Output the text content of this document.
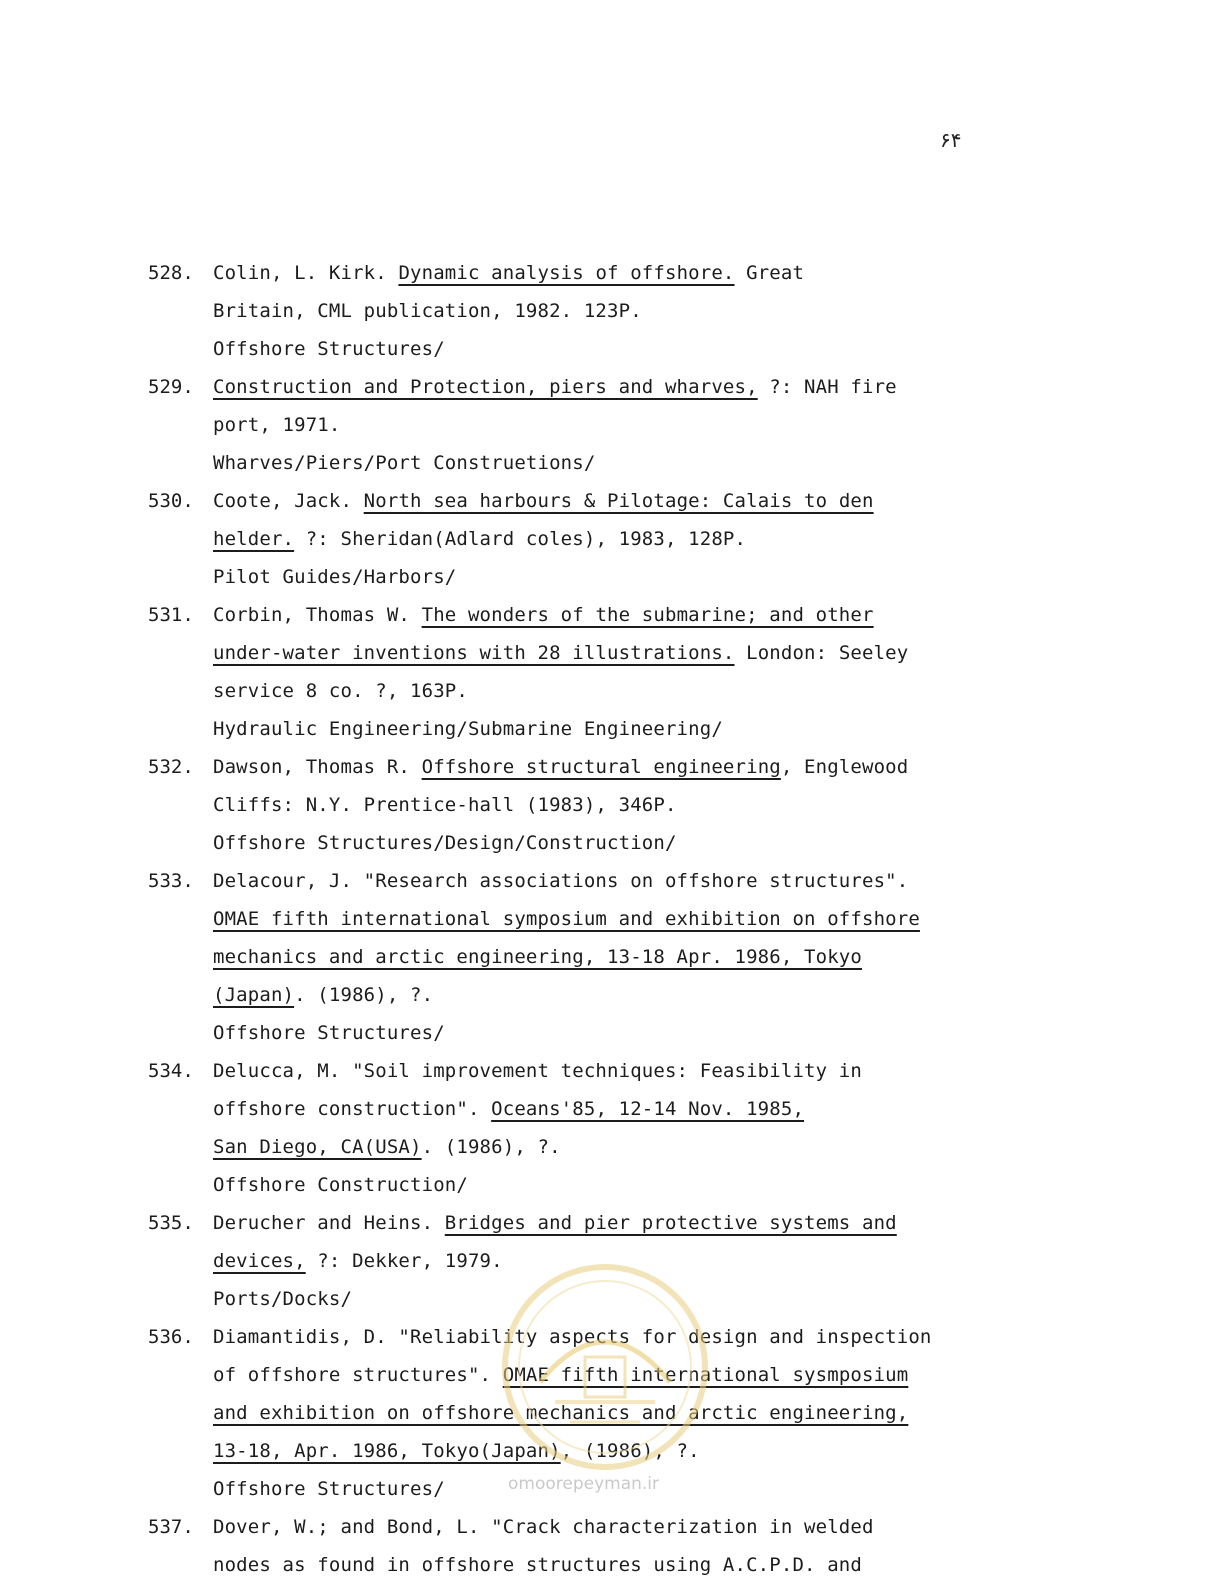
۶۴
528. Colin, L. Kirk. Dynamic analysis of offshore. Great
Britain, CML publication, 1982. 123P.
Offshore Structures/
529. Construction and Protection, piers and wharves, ?: NAH fire
port, 1971.
Wharves/Piers/Port Construetions/
530. Coote, Jack. North sea harbours & Pilotage: Calais to den
helder. ?: Sheridan(Adlard coles), 1983, 128P.
Pilot Guides/Harbors/
531. Corbin, Thomas W. The wonders of the submarine; and other
under-water inventions with 28 illustrations. London: Seeley
service 8 co. ?, 163P.
Hydraulic Engineering/Submarine Engineering/
532. Dawson, Thomas R. Offshore structural engineering, Englewood
Cliffs: N.Y. Prentice-hall (1983), 346P.
Offshore Structures/Design/Construction/
533. Delacour, J. "Research associations on offshore structures".
OMAE fifth international symposium and exhibition on offshore
mechanics and arctic engineering, 13-18 Apr. 1986, Tokyo
(Japan). (1986), ?.
Offshore Structures/
534. Delucca, M. "Soil improvement techniques: Feasibility in
offshore construction". Oceans'85, 12-14 Nov. 1985,
San Diego, CA(USA). (1986), ?.
Offshore Construction/
535. Derucher and Heins. Bridges and pier protective systems and
devices, ?: Dekker, 1979.
Ports/Docks/
536. Diamantidis, D. "Reliability aspects for design and inspection
of offshore structures". OMAE fifth international sysmposium
and exhibition on offshore mechanics and arctic engineering,
13-18, Apr. 1986, Tokyo(Japan), (1986), ?.
Offshore Structures/
537. Dover, W.; and Bond, L. "Crack characterization in welded
nodes as found in offshore structures using A.C.P.D. and
omoorepeyman.ir
